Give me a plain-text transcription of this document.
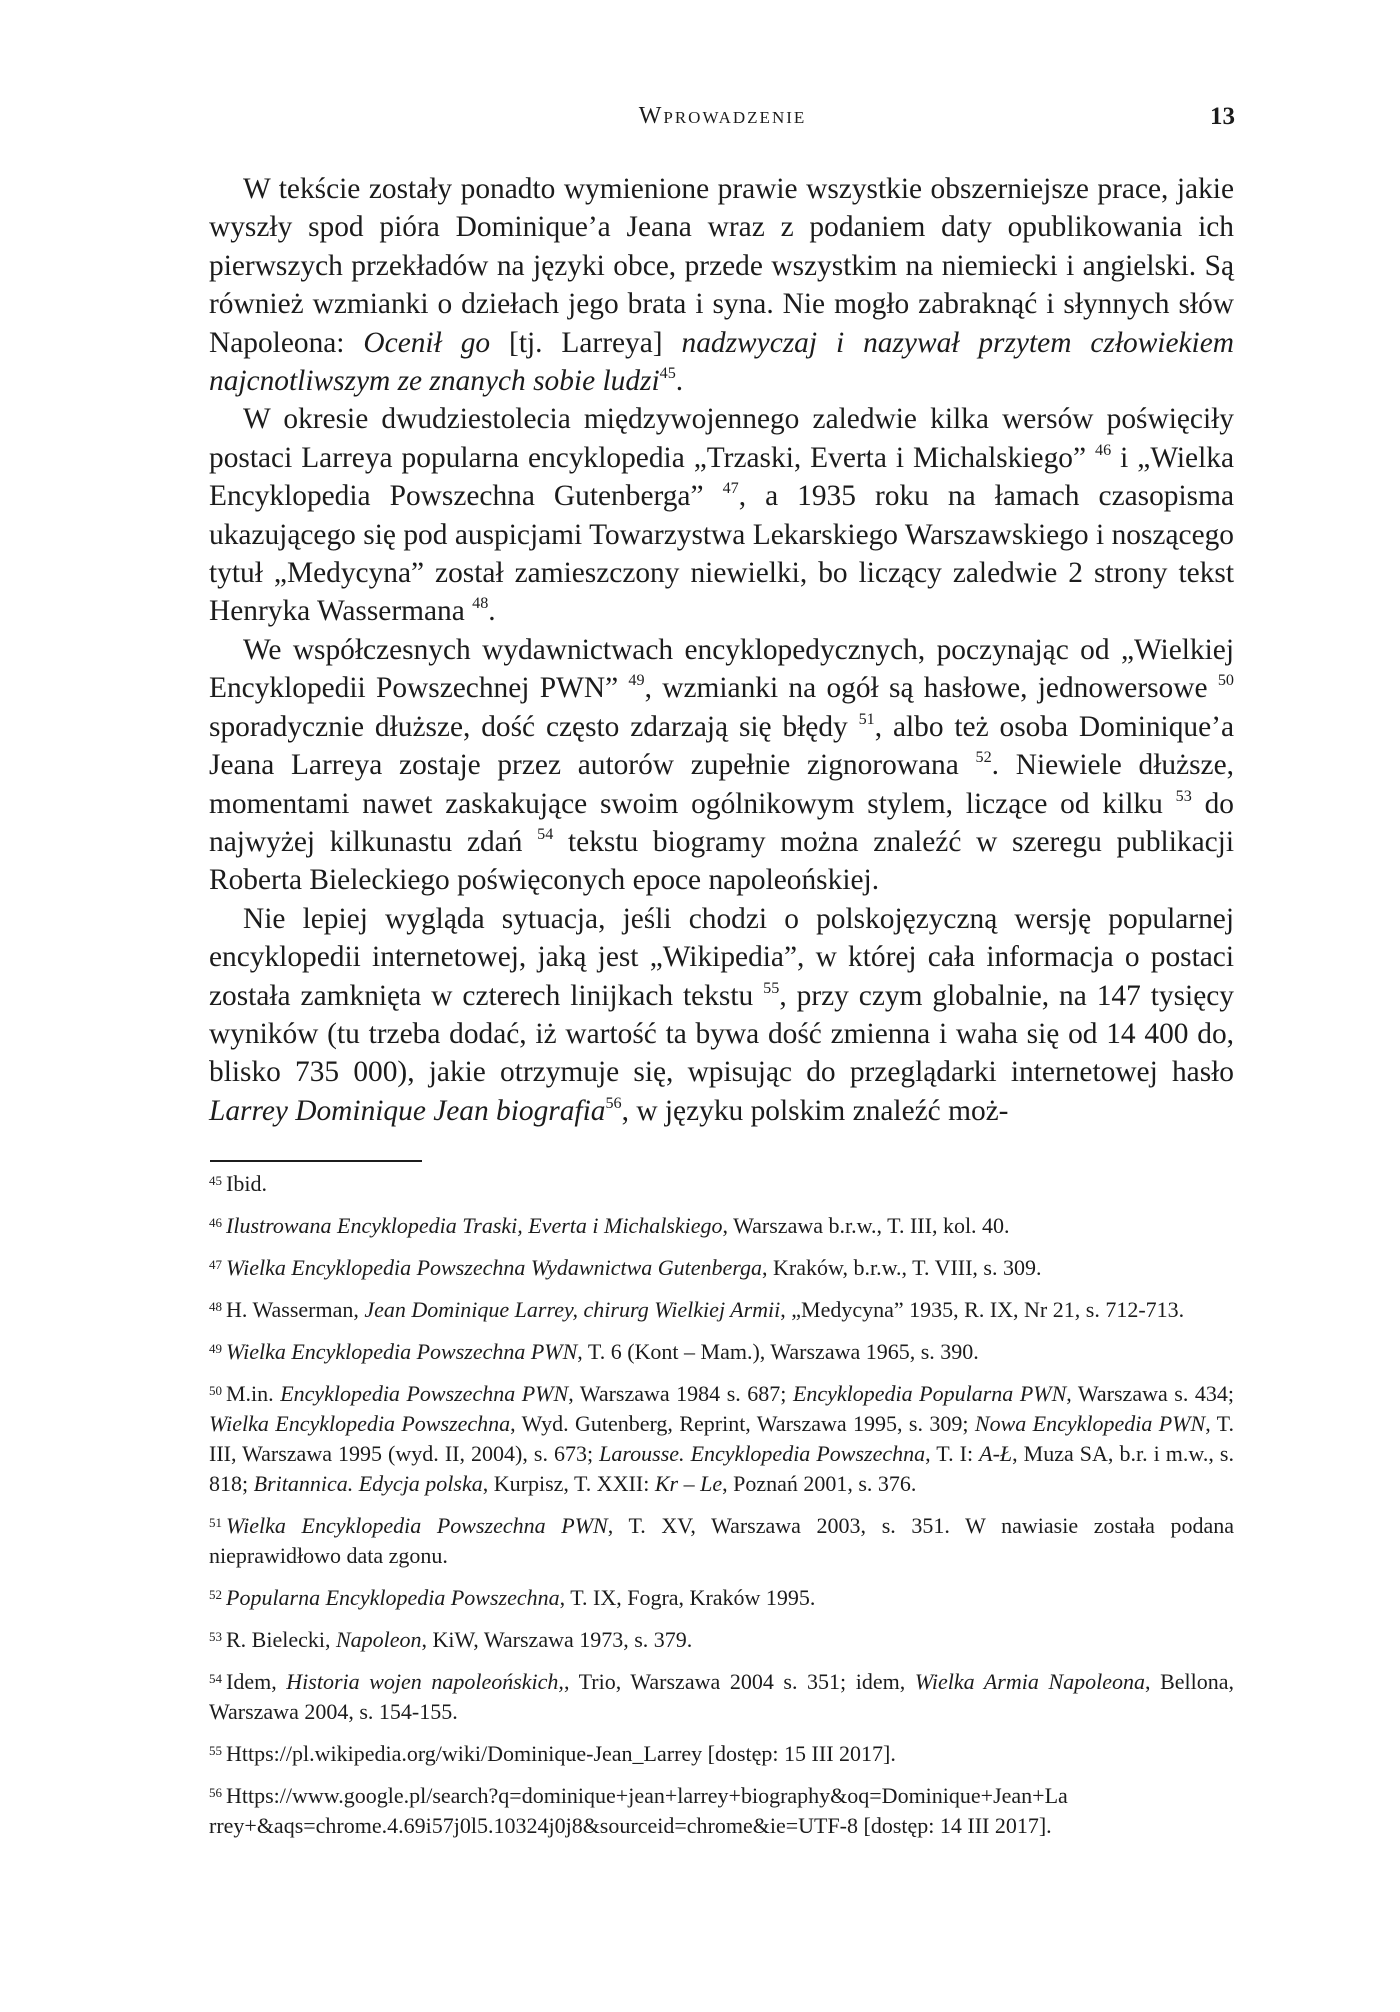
Wprowadzenie	13

W tekście zostały ponadto wymienione prawie wszystkie obszerniejsze prace, jakie wyszły spod pióra Dominique’a Jeana wraz z podaniem daty opublikowania ich pierwszych przekładów na języki obce, przede wszystkim na niemiecki i angielski. Są również wzmianki o dziełach jego brata i syna. Nie mogło zabraknąć i słynnych słów Napoleona: Ocenił go [tj. Larreya] nadzwyczaj i nazywał przytem człowiekiem najcnotliwszym ze znanych sobie ludzi$^{45}$.

W okresie dwudziestolecia międzywojennego zaledwie kilka wersów poświęciły postaci Larreya popularna encyklopedia „Trzaski, Everta i Michalskiego” $^{46}$ i „Wielka Encyklopedia Powszechna Gutenberga” $^{47}$, a 1935 roku na łamach czasopisma ukazującego się pod auspicjami Towarzystwa Lekarskiego Warszawskiego i noszącego tytuł „Medycyna” został zamieszczony niewielki, bo liczący zaledwie 2 strony tekst Henryka Wassermana $^{48}$.

We współczesnych wydawnictwach encyklopedycznych, poczynając od „Wielkiej Encyklopedii Powszechnej PWN” $^{49}$, wzmianki na ogół są hasłowe, jednowersowe $^{50}$ sporadycznie dłuższe, dość często zdarzają się błędy $^{51}$, albo też osoba Dominique’a Jeana Larreya zostaje przez autorów zupełnie zignorowana $^{52}$. Niewiele dłuższe, momentami nawet zaskakujące swoim ogólnikowym stylem, liczące od kilku $^{53}$ do najwyżej kilkunastu zdań $^{54}$ tekstu biogramy można znaleźć w szeregu publikacji Roberta Bieleckiego poświęconych epoce napoleońskiej.

Nie lepiej wygląda sytuacja, jeśli chodzi o polskojęzyczną wersję popularnej encyklopedii internetowej, jaką jest „Wikipedia”, w której cała informacja o postaci została zamknięta w czterech linijkach tekstu $^{55}$, przy czym globalnie, na 147 tysięcy wyników (tu trzeba dodać, iż wartość ta bywa dość zmienna i waha się od 14 400 do, blisko 735 000), jakie otrzymuje się, wpisując do przeglądarki internetowej hasło Larrey Dominique Jean biografia$^{56}$, w języku polskim znaleźć moż-

$^{45}$ Ibid.
$^{46}$ Ilustrowana Encyklopedia Traski, Everta i Michalskiego, Warszawa b.r.w., T. III, kol. 40.
$^{47}$ Wielka Encyklopedia Powszechna Wydawnictwa Gutenberga, Kraków, b.r.w., T. VIII, s. 309.
$^{48}$ H. Wasserman, Jean Dominique Larrey, chirurg Wielkiej Armii, „Medycyna” 1935, R. IX, Nr 21, s. 712-713.
$^{49}$ Wielka Encyklopedia Powszechna PWN, T. 6 (Kont – Mam.), Warszawa 1965, s. 390.
$^{50}$ M.in. Encyklopedia Powszechna PWN, Warszawa 1984 s. 687; Encyklopedia Popularna PWN, Warszawa s. 434; Wielka Encyklopedia Powszechna, Wyd. Gutenberg, Reprint, Warszawa 1995, s. 309; Nowa Encyklopedia PWN, T. III, Warszawa 1995 (wyd. II, 2004), s. 673; Larousse. Encyklopedia Powszechna, T. I: A-Ł, Muza SA, b.r. i m.w., s. 818; Britannica. Edycja polska, Kurpisz, T. XXII: Kr – Le, Poznań 2001, s. 376.
$^{51}$ Wielka Encyklopedia Powszechna PWN, T. XV, Warszawa 2003, s. 351. W nawiasie została podana nieprawidłowo data zgonu.
$^{52}$ Popularna Encyklopedia Powszechna, T. IX, Fogra, Kraków 1995.
$^{53}$ R. Bielecki, Napoleon, KiW, Warszawa 1973, s. 379.
$^{54}$ Idem, Historia wojen napoleońskich,, Trio, Warszawa 2004 s. 351; idem, Wielka Armia Napoleona, Bellona, Warszawa 2004, s. 154-155.
$^{55}$ Https://pl.wikipedia.org/wiki/Dominique-Jean_Larrey [dostęp: 15 III 2017].
$^{56}$ Https://www.google.pl/search?q=dominique+jean+larrey+biography&oq=Dominique+Jean+La rrey+&aqs=chrome.4.69i57j0l5.10324j0j8&sourceid=chrome&ie=UTF-8 [dostęp: 14 III 2017].
